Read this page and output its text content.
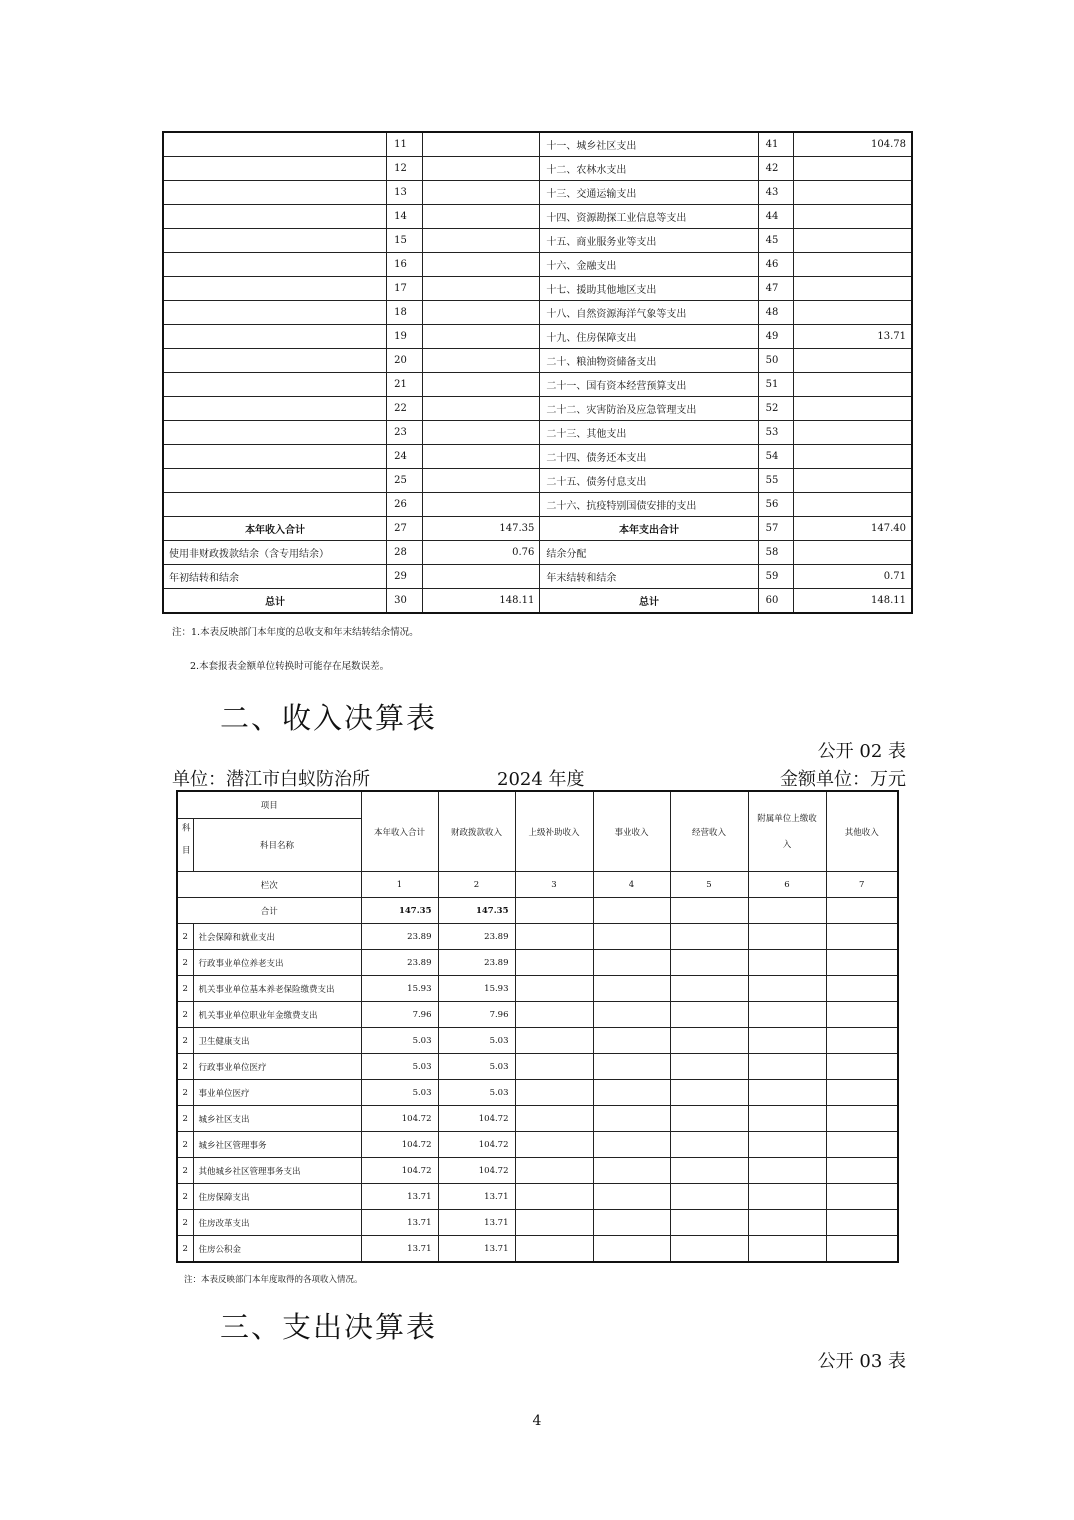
	11		十一、城乡社区支出	41	104.78
	12		十二、农林水支出	42	
	13		十三、交通运输支出	43	
	14		十四、资源勘探工业信息等支出	44	
	15		十五、商业服务业等支出	45	
	16		十六、金融支出	46	
	17		十七、援助其他地区支出	47	
	18		十八、自然资源海洋气象等支出	48	
	19		十九、住房保障支出	49	13.71
	20		二十、粮油物资储备支出	50	
	21		二十一、国有资本经营预算支出	51	
	22		二十二、灾害防治及应急管理支出	52	
	23		二十三、其他支出	53	
	24		二十四、债务还本支出	54	
	25		二十五、债务付息支出	55	
	26		二十六、抗疫特别国债安排的支出	56	
本年收入合计	27	147.35	本年支出合计	57	147.40
使用非财政拨款结余（含专用结余）	28	0.76	结余分配	58	
年初结转和结余	29		年末结转和结余	59	0.71
总计	30	148.11	总计	60	148.11
注：1.本表反映部门本年度的总收支和年末结转结余情况。
2.本套报表金额单位转换时可能存在尾数误差。
二、收入决算表
公开 02 表
单位：潜江市白蚁防治所	2024 年度	金额单位：万元
项目		本年收入合计	财政拨款收入	上级补助收入	事业收入	经营收入	附属单位上缴收入	其他收入
科目	科目名称							

栏次		1	2	3	4	5	6	7
合计		147.35	147.35					
2	社会保障和就业支出	23.89	23.89					
2	行政事业单位养老支出	23.89	23.89					
2	机关事业单位基本养老保险缴费支出	15.93	15.93					
2	机关事业单位职业年金缴费支出	7.96	7.96					
2	卫生健康支出	5.03	5.03					
2	行政事业单位医疗	5.03	5.03					
2	事业单位医疗	5.03	5.03					
2	城乡社区支出	104.72	104.72					
2	城乡社区管理事务	104.72	104.72					
2	其他城乡社区管理事务支出	104.72	104.72					
2	住房保障支出	13.71	13.71					
2	住房改革支出	13.71	13.71					
2	住房公积金	13.71	13.71					
注：本表反映部门本年度取得的各项收入情况。
三、支出决算表
公开 03 表
4
